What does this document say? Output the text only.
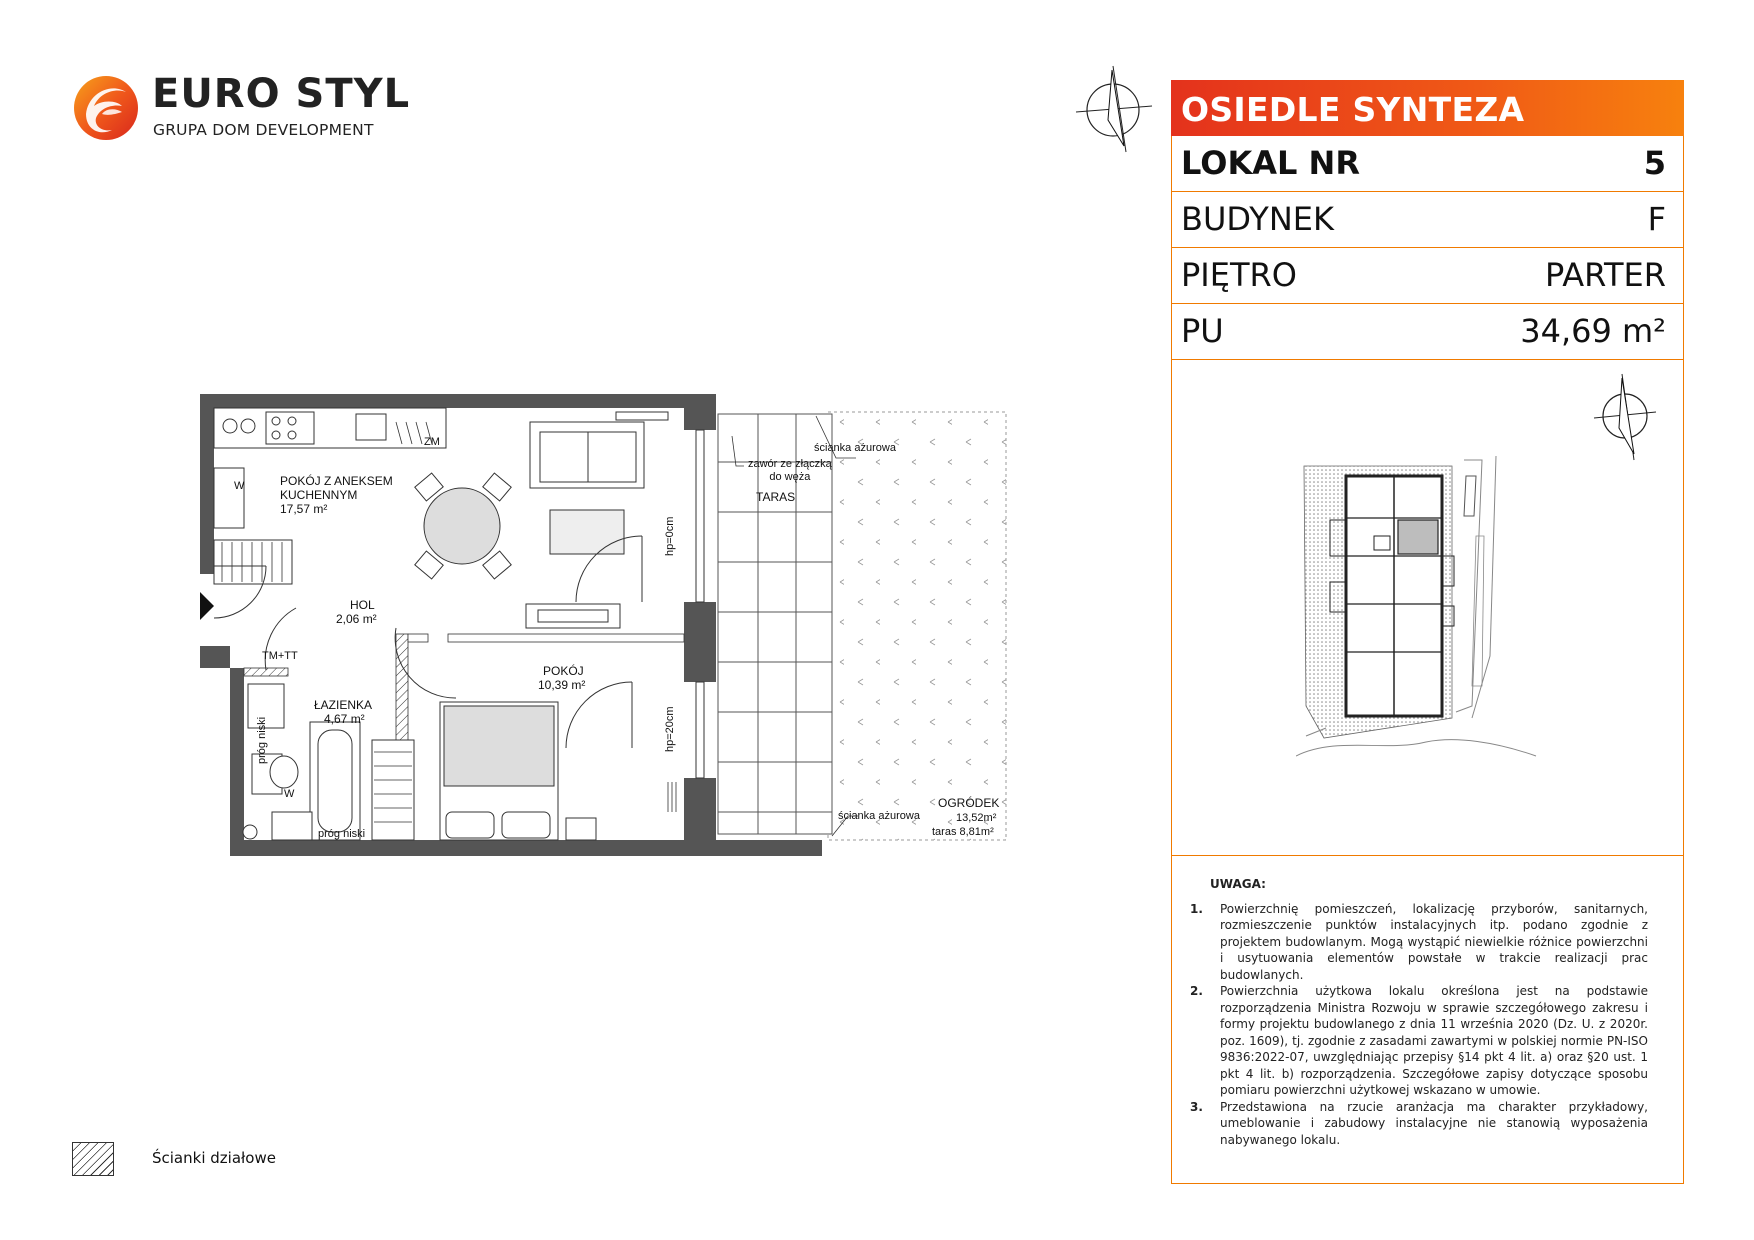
EURO STYL
GRUPA DOM DEVELOPMENT
OSIEDLE SYNTEZA
LOKAL NR	5
BUDYNEK	F
PIĘTRO	PARTER
PU	34,69 m²
UWAGA:
1.	Powierzchnię pomieszczeń, lokalizację przyborów, sanitarnych, rozmieszczenie punktów instalacyjnych itp. podano zgodnie z projektem budowlanym. Mogą wystąpić niewielkie różnice powierzchni i usytuowania elementów powstałe w trakcie realizacji prac budowlanych.
2.	Powierzchnia użytkowa lokalu określona jest na podstawie rozporządzenia Ministra Rozwoju w sprawie szczegółowego zakresu i formy projektu budowlanego z dnia 11 września 2020 (Dz. U. z 2020r. poz. 1609), tj. zgodnie z zasadami zawartymi w polskiej normie PN-ISO 9836:2022-07, uwzględniając przepisy §14 pkt 4 lit. a) oraz §20 ust. 1 pkt 4 lit. b) rozporządzenia. Szczegółowe zapisy dotyczące sposobu pomiaru powierzchni użytkowej wskazano w umowie.
3.	Przedstawiona na rzucie aranżacja ma charakter przykładowy, umeblowanie i zabudowy instalacyjne nie stanowią wyposażenia nabywanego lokalu.
Ścianki działowe
POKÓJ Z ANEKSEM
KUCHENNYM
17,57 m²
HOL
2,06 m²
POKÓJ
10,39 m²
ŁAZIENKA
4,67 m²
TARAS
ścianka ażurowa
zawór ze złączką
do węża
ścianka ażurowa
OGRÓDEK
13,52m²
taras 8,81m²
hp=0cm
hp=20cm
TM+TT
W
W
próg niski
próg niski
ZM
